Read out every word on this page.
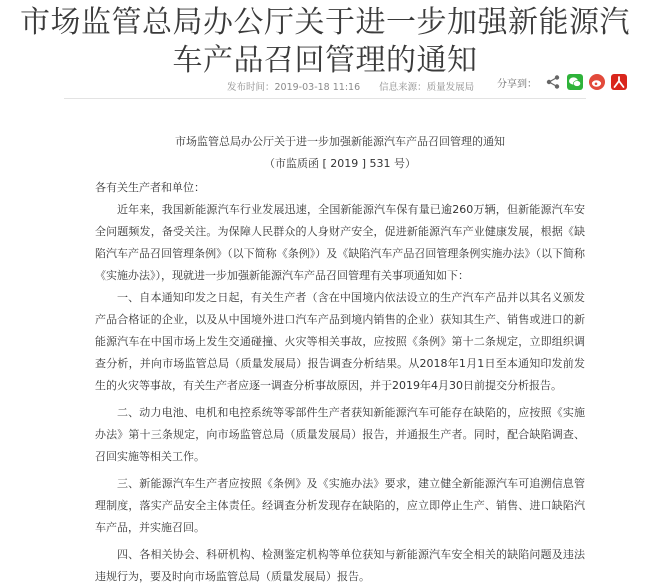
市场监管总局办公厅关于进一步加强新能源汽
车产品召回管理的通知
发布时间：2019-03-18 11:16 信息来源：质量发展局	分享到：
市场监管总局办公厅关于进一步加强新能源汽车产品召回管理的通知
（市监质函 [ 2019 ] 531 号）

各有关生产者和单位：

近年来，我国新能源汽车行业发展迅速，全国新能源汽车保有量已逾260万辆，但新能源汽车安全问题频发，备受关注。为保障人民群众的人身财产安全，促进新能源汽车产业健康发展，根据《缺陷汽车产品召回管理条例》（以下简称《条例》）及《缺陷汽车产品召回管理条例实施办法》（以下简称《实施办法》），现就进一步加强新能源汽车产品召回管理有关事项通知如下：

一、自本通知印发之日起，有关生产者（含在中国境内依法设立的生产汽车产品并以其名义颁发产品合格证的企业，以及从中国境外进口汽车产品到境内销售的企业）获知其生产、销售或进口的新能源汽车在中国市场上发生交通碰撞、火灾等相关事故，应按照《条例》第十二条规定，立即组织调查分析，并向市场监管总局（质量发展局）报告调查分析结果。从2018年1月1日至本通知印发前发生的火灾等事故，有关生产者应逐一调查分析事故原因，并于2019年4月30日前提交分析报告。

二、动力电池、电机和电控系统等零部件生产者获知新能源汽车可能存在缺陷的，应按照《实施办法》第十三条规定，向市场监管总局（质量发展局）报告，并通报生产者。同时，配合缺陷调查、召回实施等相关工作。

三、新能源汽车生产者应按照《条例》及《实施办法》要求，建立健全新能源汽车可追溯信息管理制度，落实产品安全主体责任。经调查分析发现存在缺陷的，应立即停止生产、销售、进口缺陷汽车产品，并实施召回。

四、各相关协会、科研机构、检测鉴定机构等单位获知与新能源汽车安全相关的缺陷问题及违法违规行为，要及时向市场监管总局（质量发展局）报告。
